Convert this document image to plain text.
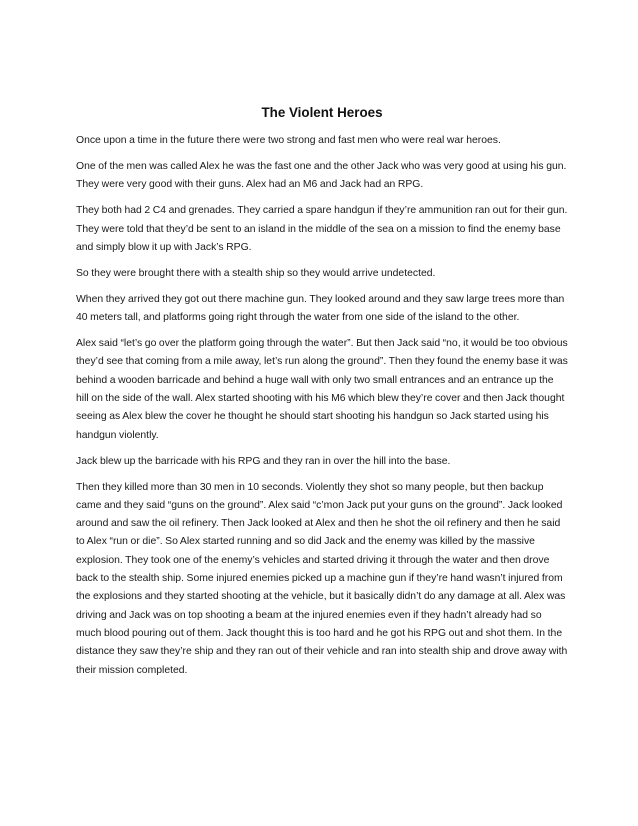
The Violent Heroes

Once upon a time in the future there were two strong and fast men who were real war heroes.

One of the men was called Alex he was the fast one and the other Jack who was very good at using his gun. They were very good with their guns. Alex had an M6 and Jack had an RPG.

They both had 2 C4 and grenades. They carried a spare handgun if they’re ammunition ran out for their gun. They were told that they’d be sent to an island in the middle of the sea on a mission to find the enemy base and simply blow it up with Jack’s RPG.

So they were brought there with a stealth ship so they would arrive undetected.

When they arrived they got out there machine gun. They looked around and they saw large trees more than 40 meters tall, and platforms going right through the water from one side of the island to the other.

Alex said “let’s go over the platform going through the water”. But then Jack said “no, it would be too obvious they’d see that coming from a mile away, let’s run along the ground”. Then they found the enemy base it was behind a wooden barricade and behind a huge wall with only two small entrances and an entrance up the hill on the side of the wall. Alex started shooting with his M6 which blew they’re cover and then Jack thought seeing as Alex blew the cover he thought he should start shooting his handgun so Jack started using his handgun violently.

Jack blew up the barricade with his RPG and they ran in over the hill into the base.

Then they killed more than 30 men in 10 seconds. Violently they shot so many people, but then backup came and they said “guns on the ground”. Alex said “c’mon Jack put your guns on the ground”. Jack looked around and saw the oil refinery. Then Jack looked at Alex and then he shot the oil refinery and then he said to Alex “run or die”. So Alex started running and so did Jack and the enemy was killed by the massive explosion. They took one of the enemy’s vehicles and started driving it through the water and then drove back to the stealth ship. Some injured enemies picked up a machine gun if they’re hand wasn’t injured from the explosions and they started shooting at the vehicle, but it basically didn’t do any damage at all. Alex was driving and Jack was on top shooting a beam at the injured enemies even if they hadn’t already had so much blood pouring out of them. Jack thought this is too hard and he got his RPG out and shot them. In the distance they saw they’re ship and they ran out of their vehicle and ran into stealth ship and drove away with their mission completed.
